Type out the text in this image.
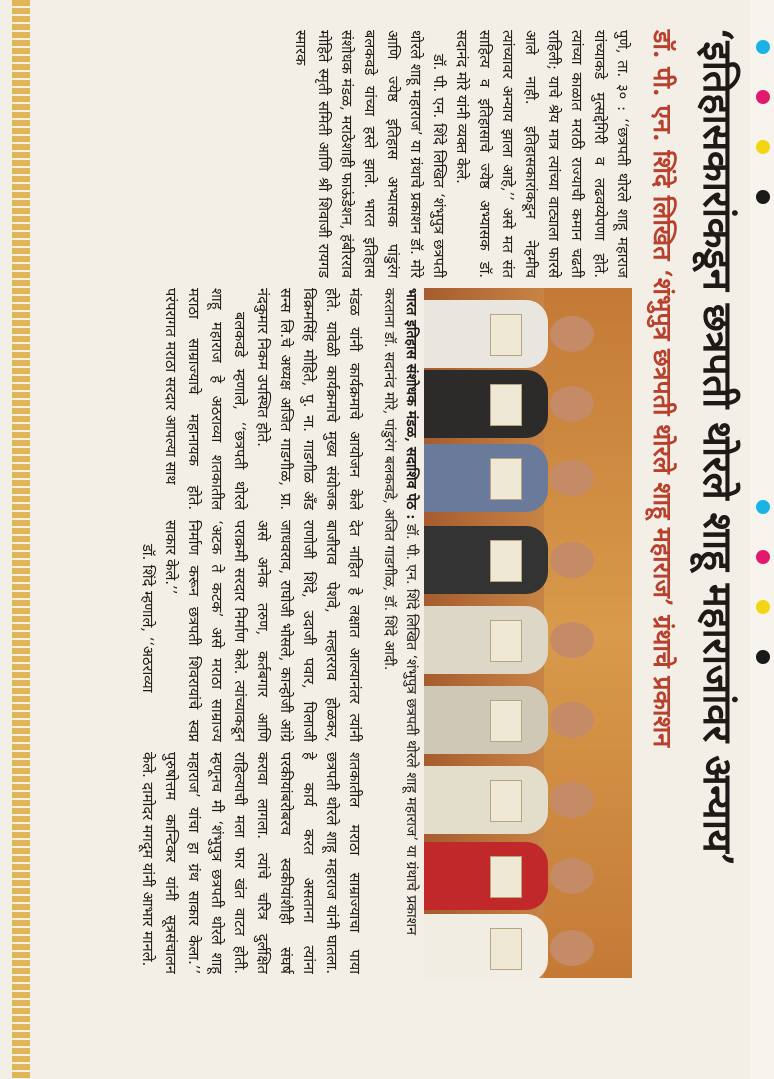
‘इतिहासकारांकडून छत्रपती थोरले शाहू महाराजांवर अन्याय’
डॉ. पी. एन. शिंदे लिखित ‘शंभुपुत्र छत्रपती थोरले शाहू महाराज’ ग्रंथाचे प्रकाशन

पुणे, ता. ३० : ‘‘छत्रपती थोरले शाहू महाराज यांच्याकडे मुत्सद्देगिरी व लढवय्येपणा होते. त्यांच्या काळात मराठी राज्याची कमान चढती राहिली; याचे श्रेय मात्र त्यांच्या वाट्याला फारसे आले नाही. इतिहासकारांकडून नेहमीच त्यांच्यावर अन्याय झाला आहे,’’ असे मत संत साहित्य व इतिहासाचे ज्येष्ठ अभ्यासक डॉ. सदानंद मोरे यांनी व्यक्त केले.

डॉ. पी. एन. शिंदे लिखित ‘शंभुपुत्र छत्रपती थोरले शाहू महाराज’ या ग्रंथाचे प्रकाशन डॉ. मोरे आणि ज्येष्ठ इतिहास अभ्यासक पांडुरंग बलकवडे यांच्या हस्ते झाले. भारत इतिहास संशोधक मंडळ, मराठेशाही फाऊंडेशन, हंबीरराव मोहिते स्मृती समिती आणि श्री शिवाजी रायगड स्मारक

भारत इतिहास संशोधक मंडळ, सदाशिव पेठ : डॉ. पी. एन. शिंदे लिखित ‘शंभुपुत्र छत्रपती थोरले शाहू महाराज’ या ग्रंथाचे प्रकाशन करताना डॉ. सदानंद मोरे, पांडुरंग बलकवडे, अजित गाडगीळ, डॉ. शिंदे आदी.

मंडळ यांनी कार्यक्रमाचे आयोजन केले होते. यावेळी कार्यक्रमाचे मुख्य संयोजक विक्रमसिंह मोहिते, पु. ना. गाडगीळ अँड सन्स लि.चे अध्यक्ष अजित गाडगीळ, प्रा. नंदकुमार निकम उपस्थित होते.

बलकवडे म्हणाले, ‘‘छत्रपती थोरले शाहू महाराज हे अठराव्या शतकातील मराठा साम्राज्याचे महानायक होते. परंपरागत मराठा सरदार आपल्या साथ

देत नाहित हे लक्षात आल्यानंतर त्यांनी बाजीराव पेशवे, मल्हारराव होळकर, राणोजी शिंदे, उदाजी पवार, पिलाजी जाधवराव, राघोजी भोसले, कान्होजी आंग्रे असे अनेक तरुण, कर्तबगार आणि पराक्रमी सरदार निर्माण केले. त्यांच्याकडून ‘अटक ते कटक’ असे मराठा साम्राज्य निर्माण करून छत्रपती शिवरायांचे स्वप्न साकार केले.’’

डॉ. शिंदे म्हणाले, ‘‘अठराव्या

शतकातील मराठा साम्राज्याचा पाया छत्रपती थोरले शाहू महाराज यांनी घातला. हे कार्य करत असताना त्यांना परकीयांबरोबरच स्वकीयांशीही संघर्ष करावा लागला. त्यांचे चरित्र दुर्लक्षित राहिल्याची मला फार खंत वाटत होती. म्हणूनच मी ‘शंभुपुत्र छत्रपती थोरले शाहू महाराज’ यांचा हा ग्रंथ साकार केला.’’ पुरुषोत्तम कान्टिकर यांनी सूत्रसंचालन केले. दामोदर मगदूम यांनी आभार मानले.
